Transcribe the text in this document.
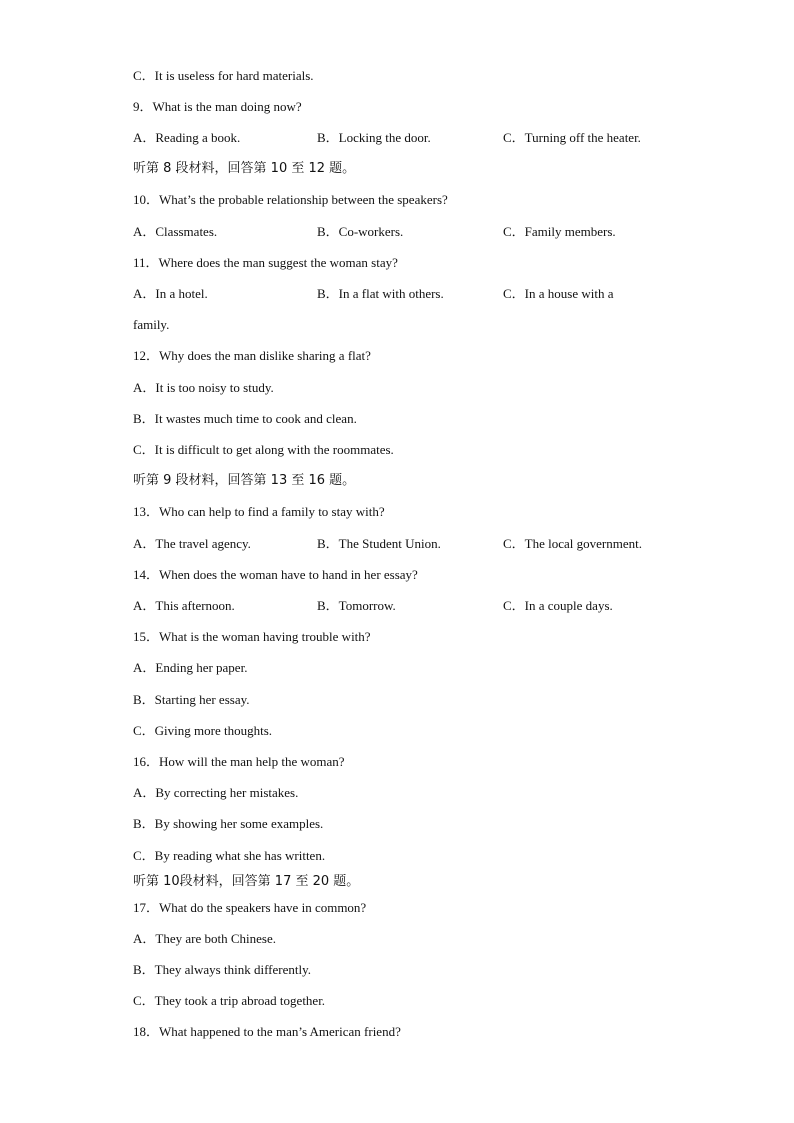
C．It is useless for hard materials.
9．What is the man doing now?
A．Reading a book.	B．Locking the door.	C．Turning off the heater.
听第 8 段材料，回答第 10 至 12 题。
10．What’s the probable relationship between the speakers?
A．Classmates.	B．Co-workers.	C．Family members.
11．Where does the man suggest the woman stay?
A．In a hotel.	B．In a flat with others.	C．In a house with a
family.
12．Why does the man dislike sharing a flat?
A．It is too noisy to study.
B．It wastes much time to cook and clean.
C．It is difficult to get along with the roommates.
听第 9 段材料，回答第 13 至 16 题。
13．Who can help to find a family to stay with?
A．The travel agency.	B．The Student Union.	C．The local government.
14．When does the woman have to hand in her essay?
A．This afternoon.	B．Tomorrow.	C．In a couple days.
15．What is the woman having trouble with?
A．Ending her paper.
B．Starting her essay.
C．Giving more thoughts.
16．How will the man help the woman?
A．By correcting her mistakes.
B．By showing her some examples.
C．By reading what she has written.
听第 10段材料，回答第 17 至 20 题。
17．What do the speakers have in common?
A．They are both Chinese.
B．They always think differently.
C．They took a trip abroad together.
18．What happened to the man’s American friend?
